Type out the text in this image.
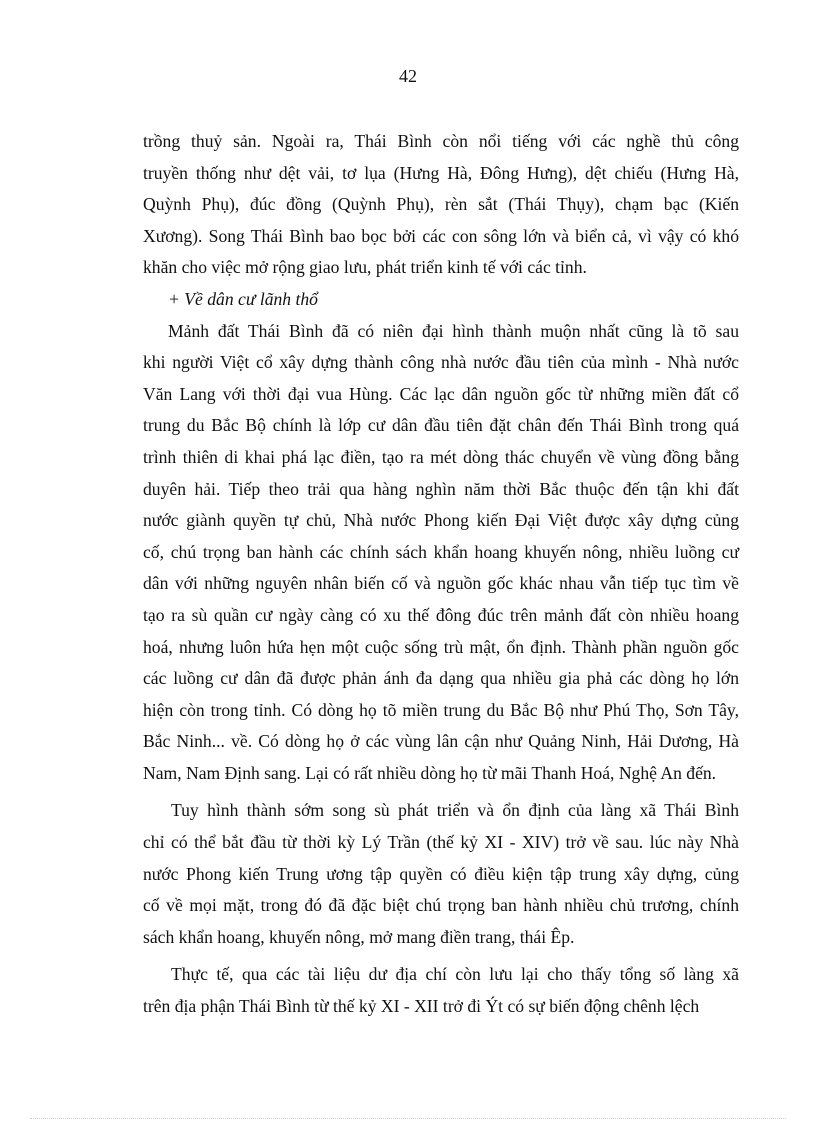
42
trồng thuỷ sản. Ngoài ra, Thái Bình còn nổi tiếng với các nghề thủ công
truyền thống như dệt vải, tơ lụa (Hưng Hà, Đông Hưng), dệt chiếu (Hưng Hà,
Quỳnh Phụ), đúc đồng (Quỳnh Phụ), rèn sắt (Thái Thụy), chạm bạc (Kiến
Xương). Song Thái Bình bao bọc bởi các con sông lớn và biển cả, vì vậy có khó
khăn cho việc mở rộng giao lưu, phát triển kinh tế với các tỉnh.
+ Về dân cư lãnh thổ
Mảnh đất Thái Bình đã có niên đại hình thành muộn nhất cũng là tõ sau
khi người Việt cổ xây dựng thành công nhà nước đầu tiên của mình - Nhà nước
Văn Lang với thời đại vua Hùng. Các lạc dân nguồn gốc từ những miền đất cổ
trung du Bắc Bộ chính là lớp cư dân đầu tiên đặt chân đến Thái Bình trong quá
trình thiên di khai phá lạc điền, tạo ra mét dòng thác chuyển về vùng đồng bằng
duyên hải. Tiếp theo trải qua hàng nghìn năm thời Bắc thuộc đến tận khi đất
nước giành quyền tự chủ, Nhà nước Phong kiến Đại Việt được xây dựng củng
cố, chú trọng ban hành các chính sách khẩn hoang khuyến nông, nhiều luồng cư
dân với những nguyên nhân biến cố và nguồn gốc khác nhau vẫn tiếp tục tìm về
tạo ra sù quần cư ngày càng có xu thế đông đúc trên mảnh đất còn nhiều hoang
hoá, nhưng luôn hứa hẹn một cuộc sống trù mật, ổn định. Thành phần nguồn gốc
các luồng cư dân đã được phản ánh đa dạng qua nhiều gia phả các dòng họ lớn
hiện còn trong tỉnh. Có dòng họ tõ miền trung du Bắc Bộ như Phú Thọ, Sơn Tây,
Bắc Ninh... về. Có dòng họ ở các vùng lân cận như Quảng Ninh, Hải Dương, Hà
Nam, Nam Định sang. Lại có rất nhiều dòng họ từ mãi Thanh Hoá, Nghệ An đến.
Tuy hình thành sớm song sù phát triển và ổn định của làng xã Thái Bình
chỉ có thể bắt đầu từ thời kỳ Lý Trần (thế kỷ XI - XIV) trở về sau. lúc này Nhà
nước Phong kiến Trung ương tập quyền có điều kiện tập trung xây dựng, củng
cố về mọi mặt, trong đó đã đặc biệt chú trọng ban hành nhiều chủ trương, chính
sách khẩn hoang, khuyến nông, mở mang điền trang, thái Êp.
Thực tế, qua các tài liệu dư địa chí còn lưu lại cho thấy tổng số làng xã
trên địa phận Thái Bình từ thế kỷ XI - XII trở đi Ýt có sự biến động chênh lệch
